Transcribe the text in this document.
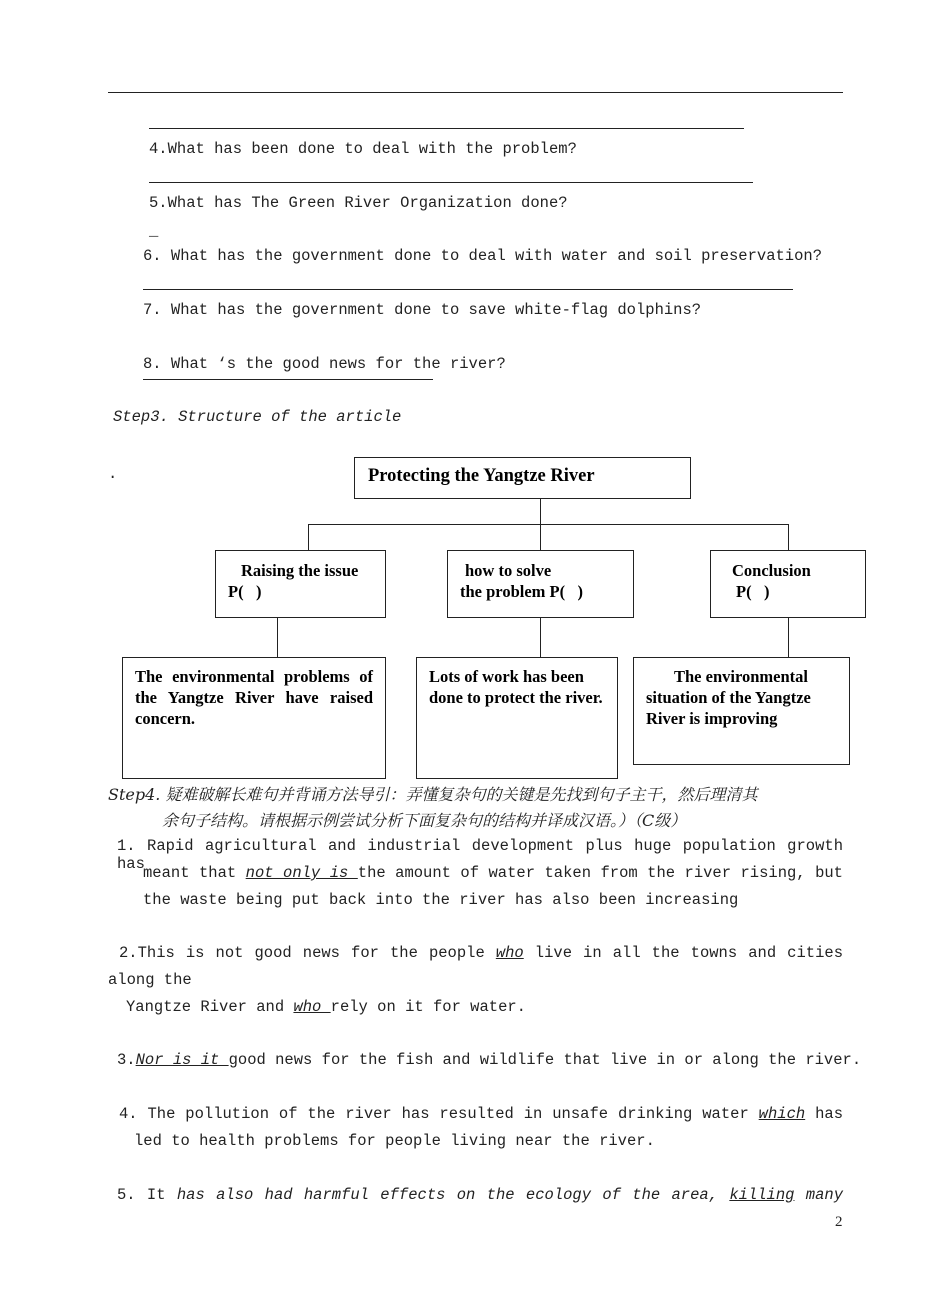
4.What has been done to deal with the problem?
5.What has The Green River Organization done?
_
6. What has the government done to deal with water and soil preservation?
7. What has the government done to save white-flag dolphins?
8. What ‘s the good news for the river?
Step3. Structure of the article
.	Protecting the Yangtze River
Raising the issue
P(   )
how to solve
the problem P(   )
Conclusion
P(   )
The environmental problems of the Yangtze River have raised concern.
Lots of work has been done to protect the river.
The environmental situation of the Yangtze River is improving
Step4. 疑难破解长难句并背诵方法导引：弄懂复杂句的关键是先找到句子主干，然后理清其
余句子结构。请根据示例尝试分析下面复杂句的结构并译成汉语。）（C级）
1. Rapid agricultural and industrial development plus huge population growth has
meant that not only is the amount of water taken from the river rising, but
the waste being put back into the river has also been increasing
2.This is not good news for the people who live in all the towns and cities
along the
Yangtze River and who rely on it for water.
3.Nor is it good news for the fish and wildlife that live in or along the river.
4. The pollution of the river has resulted in unsafe drinking water which has
led to health problems for people living near the river.
5. It has also had harmful effects on the ecology of the area, killing many
2
